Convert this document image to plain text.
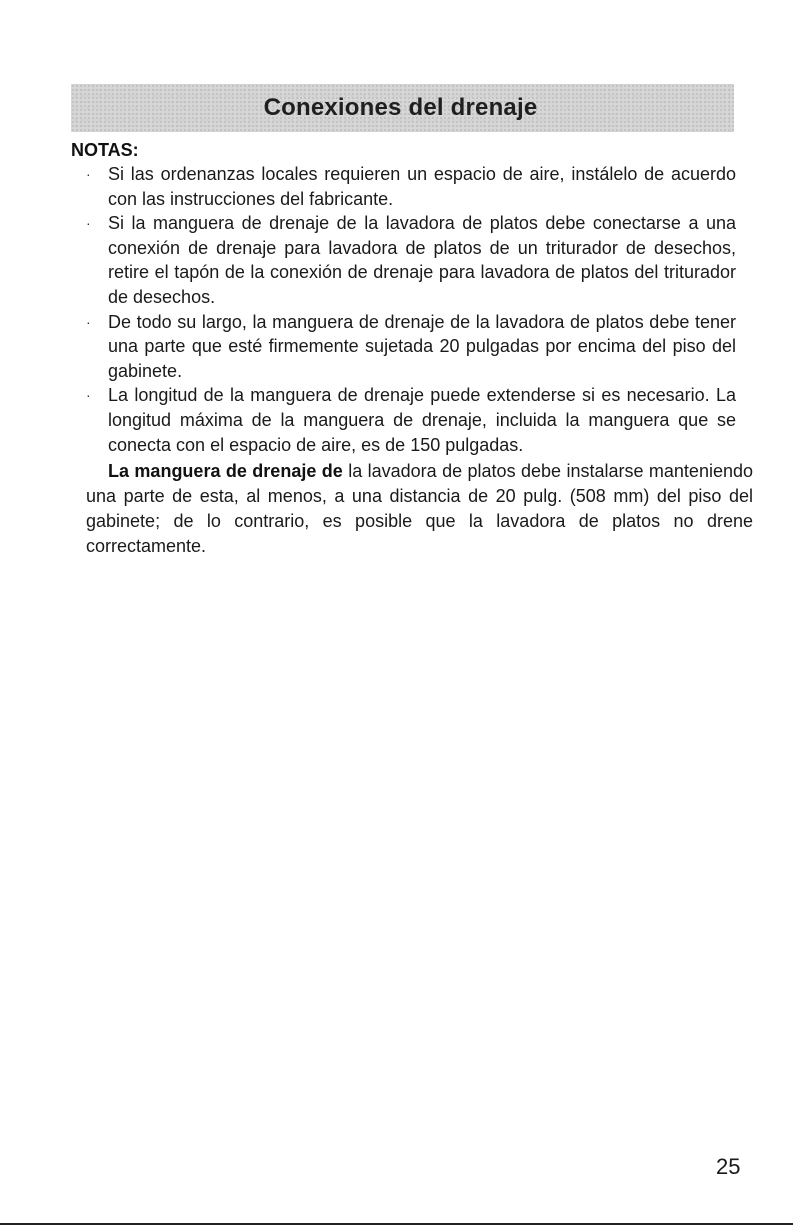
Conexiones del drenaje
NOTAS:
· Si las ordenanzas locales requieren un espacio de aire, instálelo de acuerdo con las instrucciones del fabricante.
· Si la manguera de drenaje de la lavadora de platos debe conectarse a una conexión de drenaje para lavadora de platos de un triturador de desechos, retire el tapón de la conexión de drenaje para lavadora de platos del triturador de desechos.
· De todo su largo, la manguera de drenaje de la lavadora de platos debe tener una parte que esté firmemente sujetada 20 pulgadas por encima del piso del gabinete.
· La longitud de la manguera de drenaje puede extenderse si es necesario. La longitud máxima de la manguera de drenaje, incluida la manguera que se conecta con el espacio de aire, es de 150 pulgadas.

La manguera de drenaje de la lavadora de platos debe instalarse manteniendo una parte de esta, al menos, a una distancia de 20 pulg. (508 mm) del piso del gabinete; de lo contrario, es posible que la lavadora de platos no drene correctamente.

25
